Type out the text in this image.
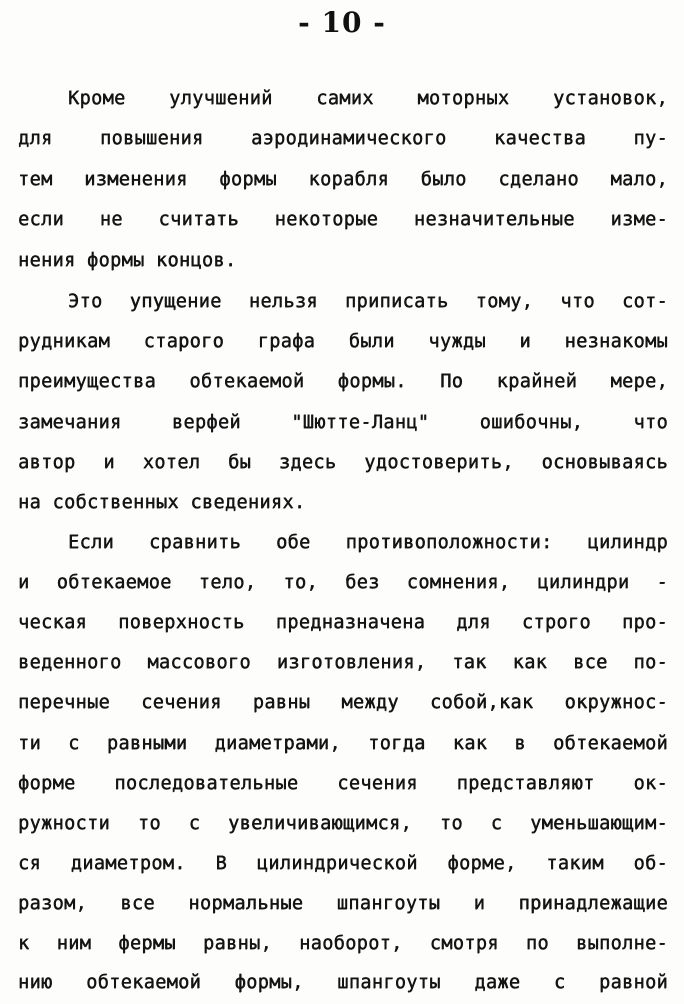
- 10 -
Кроме улучшений самих моторных установок,
для повышения аэродинамического качества пу-
тем изменения формы корабля было сделано мало,
если не считать некоторые незначительные изме-
нения формы концов.
Это упущение нельзя приписать тому, что сот-
рудникам старого графа были чужды и незнакомы
преимущества обтекаемой формы. По крайней мере,
замечания верфей "Шютте-Ланц" ошибочны, что
автор и хотел бы здесь удостоверить, основываясь
на собственных сведениях.
Если сравнить обе противоположности: цилиндр
и обтекаемое тело, то, без сомнения, цилиндри -
ческая поверхность предназначена для строго про-
веденного массового изготовления, так как все по-
перечные сечения равны между собой,как окружнос-
ти с равными диаметрами, тогда как в обтекаемой
форме последовательные сечения представляют ок-
ружности то с увеличивающимся, то с уменьшающим-
ся диаметром. В цилиндрической форме, таким об-
разом, все нормальные шпангоуты и принадлежащие
к ним фермы равны, наоборот, смотря по выполне-
нию обтекаемой формы, шпангоуты даже с равной
